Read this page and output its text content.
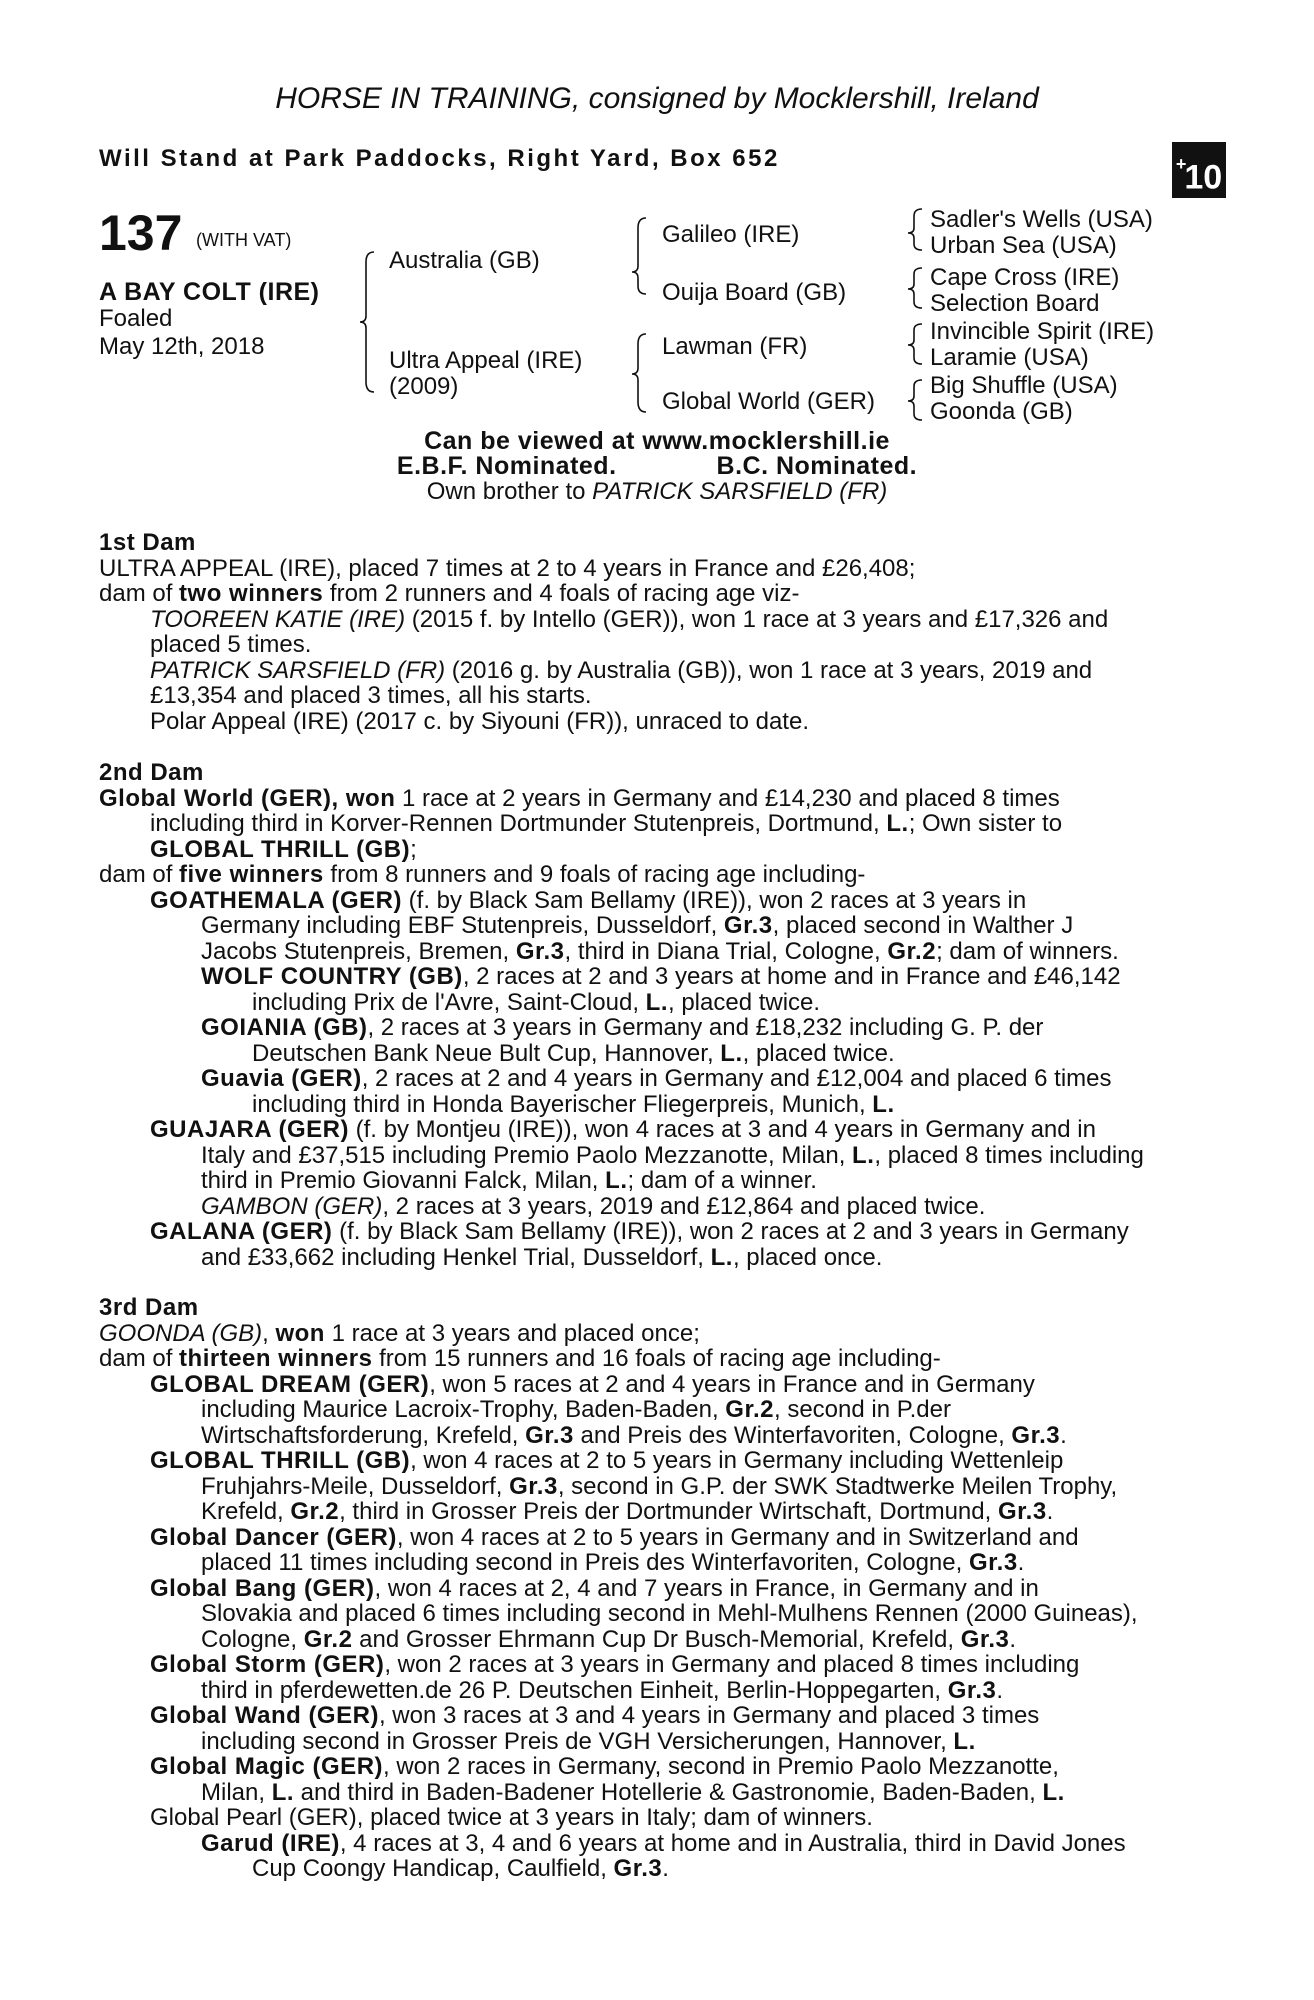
HORSE IN TRAINING, consigned by Mocklershill, Ireland
Will Stand at Park Paddocks, Right Yard, Box 652	+10
137 (WITH VAT)
A BAY COLT (IRE)
Foaled
May 12th, 2018
Australia (GB)
Ultra Appeal (IRE)
(2009)
Galileo (IRE)
Ouija Board (GB)
Lawman (FR)
Global World (GER)
Sadler's Wells (USA)
Urban Sea (USA)
Cape Cross (IRE)
Selection Board
Invincible Spirit (IRE)
Laramie (USA)
Big Shuffle (USA)
Goonda (GB)
Can be viewed at www.mocklershill.ie
E.B.F. Nominated.	B.C. Nominated.
Own brother to PATRICK SARSFIELD (FR)
1st Dam
ULTRA APPEAL (IRE), placed 7 times at 2 to 4 years in France and £26,408;
dam of two winners from 2 runners and 4 foals of racing age viz-
TOOREEN KATIE (IRE) (2015 f. by Intello (GER)), won 1 race at 3 years and £17,326 and
placed 5 times.
PATRICK SARSFIELD (FR) (2016 g. by Australia (GB)), won 1 race at 3 years, 2019 and
£13,354 and placed 3 times, all his starts.
Polar Appeal (IRE) (2017 c. by Siyouni (FR)), unraced to date.
2nd Dam
Global World (GER), won 1 race at 2 years in Germany and £14,230 and placed 8 times
including third in Korver-Rennen Dortmunder Stutenpreis, Dortmund, L.; Own sister to
GLOBAL THRILL (GB);
dam of five winners from 8 runners and 9 foals of racing age including-
GOATHEMALA (GER) (f. by Black Sam Bellamy (IRE)), won 2 races at 3 years in
Germany including EBF Stutenpreis, Dusseldorf, Gr.3, placed second in Walther J
Jacobs Stutenpreis, Bremen, Gr.3, third in Diana Trial, Cologne, Gr.2; dam of winners.
WOLF COUNTRY (GB), 2 races at 2 and 3 years at home and in France and £46,142
including Prix de l'Avre, Saint-Cloud, L., placed twice.
GOIANIA (GB), 2 races at 3 years in Germany and £18,232 including G. P. der
Deutschen Bank Neue Bult Cup, Hannover, L., placed twice.
Guavia (GER), 2 races at 2 and 4 years in Germany and £12,004 and placed 6 times
including third in Honda Bayerischer Fliegerpreis, Munich, L.
GUAJARA (GER) (f. by Montjeu (IRE)), won 4 races at 3 and 4 years in Germany and in
Italy and £37,515 including Premio Paolo Mezzanotte, Milan, L., placed 8 times including
third in Premio Giovanni Falck, Milan, L.; dam of a winner.
GAMBON (GER), 2 races at 3 years, 2019 and £12,864 and placed twice.
GALANA (GER) (f. by Black Sam Bellamy (IRE)), won 2 races at 2 and 3 years in Germany
and £33,662 including Henkel Trial, Dusseldorf, L., placed once.
3rd Dam
GOONDA (GB), won 1 race at 3 years and placed once;
dam of thirteen winners from 15 runners and 16 foals of racing age including-
GLOBAL DREAM (GER), won 5 races at 2 and 4 years in France and in Germany
including Maurice Lacroix-Trophy, Baden-Baden, Gr.2, second in P.der
Wirtschaftsforderung, Krefeld, Gr.3 and Preis des Winterfavoriten, Cologne, Gr.3.
GLOBAL THRILL (GB), won 4 races at 2 to 5 years in Germany including Wettenleip
Fruhjahrs-Meile, Dusseldorf, Gr.3, second in G.P. der SWK Stadtwerke Meilen Trophy,
Krefeld, Gr.2, third in Grosser Preis der Dortmunder Wirtschaft, Dortmund, Gr.3.
Global Dancer (GER), won 4 races at 2 to 5 years in Germany and in Switzerland and
placed 11 times including second in Preis des Winterfavoriten, Cologne, Gr.3.
Global Bang (GER), won 4 races at 2, 4 and 7 years in France, in Germany and in
Slovakia and placed 6 times including second in Mehl-Mulhens Rennen (2000 Guineas),
Cologne, Gr.2 and Grosser Ehrmann Cup Dr Busch-Memorial, Krefeld, Gr.3.
Global Storm (GER), won 2 races at 3 years in Germany and placed 8 times including
third in pferdewetten.de 26 P. Deutschen Einheit, Berlin-Hoppegarten, Gr.3.
Global Wand (GER), won 3 races at 3 and 4 years in Germany and placed 3 times
including second in Grosser Preis de VGH Versicherungen, Hannover, L.
Global Magic (GER), won 2 races in Germany, second in Premio Paolo Mezzanotte,
Milan, L. and third in Baden-Badener Hotellerie & Gastronomie, Baden-Baden, L.
Global Pearl (GER), placed twice at 3 years in Italy; dam of winners.
Garud (IRE), 4 races at 3, 4 and 6 years at home and in Australia, third in David Jones
Cup Coongy Handicap, Caulfield, Gr.3.
